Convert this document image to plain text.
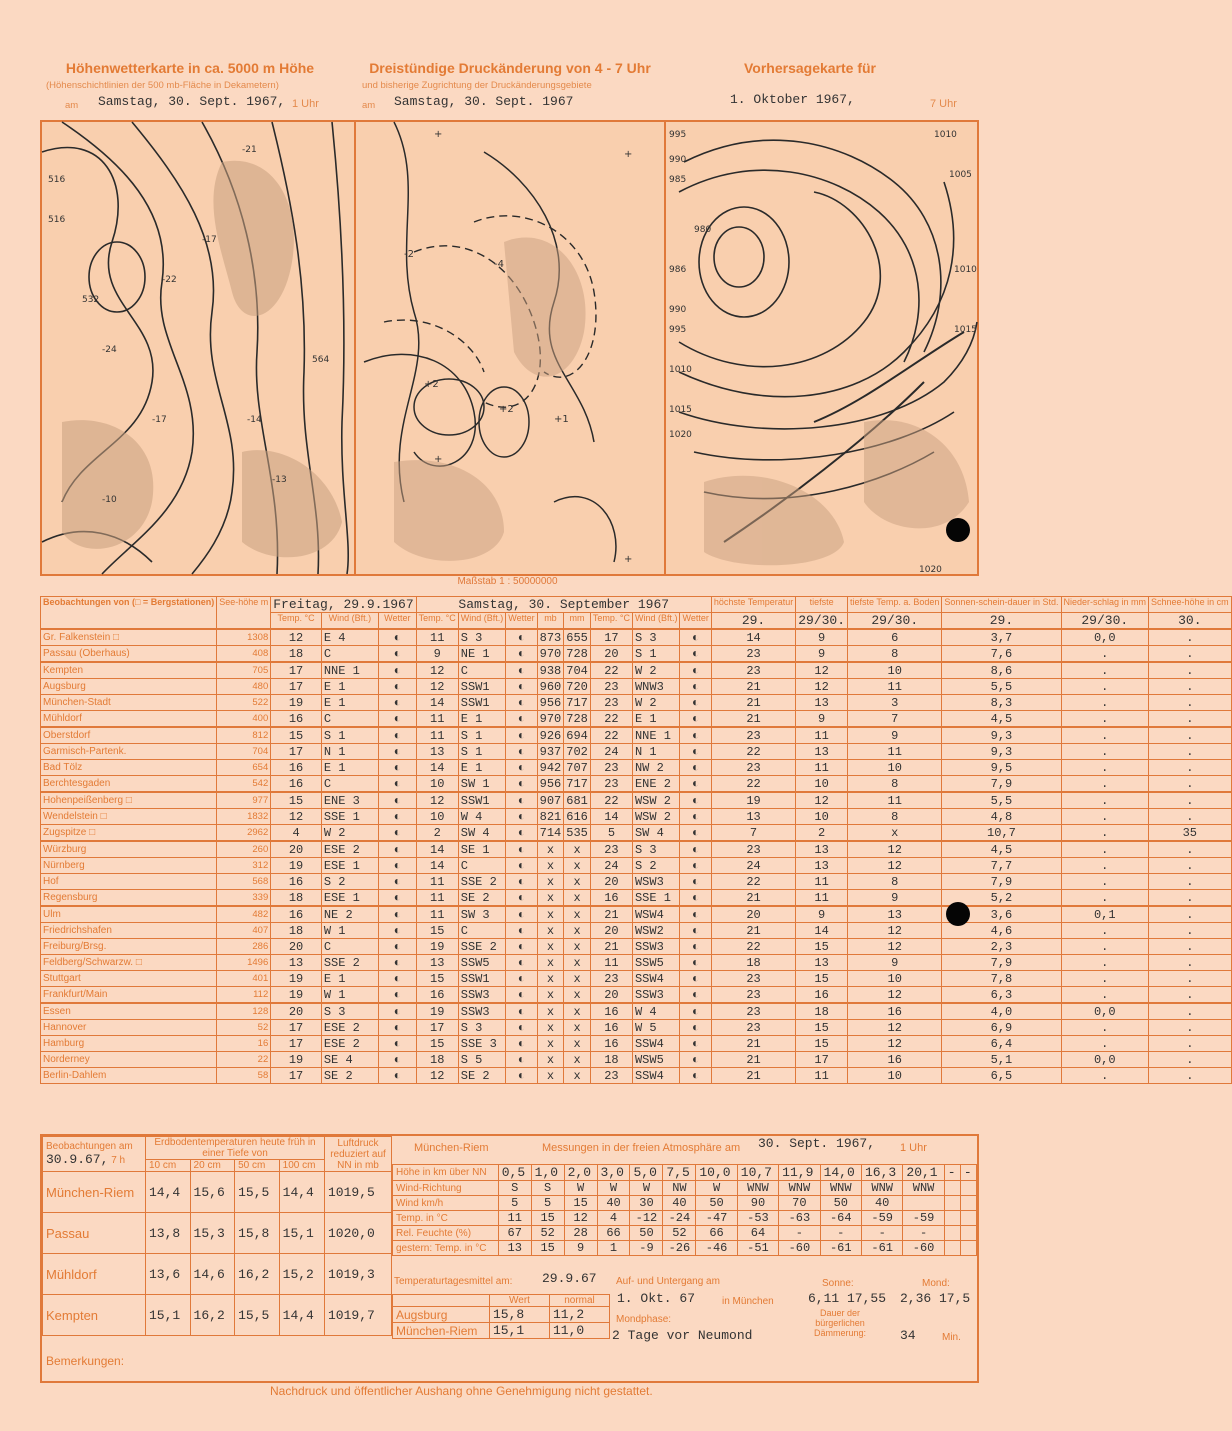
Höhenwetterkarte in ca. 5000 m Höhe
(Höhenschichtlinien der 500 mb-Fläche in Dekametern)
am Samstag, 30. Sept. 1967, 1 Uhr
Dreistündige Druckänderung von 4 - 7 Uhr
und bisherige Zugrichtung der Druckänderungsgebiete
am Samstag, 30. Sept. 1967
Vorhersagekarte für
1. Oktober 1967,	7 Uhr
516
516
532
-21
-17
-22
-24
-17	-14
-13
-10
564
+
+
-2
-4
+2
+2
+
+
+1
995
990
985
980
986
990
995
1010
1015
1020
1010
1005
1010
1015
1020
Maßstab 1 : 50000000
Beobachtungen von (□ = Bergstationen)	See-höhe m	Freitag, 29.9.1967			Samstag, 30. September 1967								höchste Temperatur	tiefste	tiefste Temp. a. Boden	Sonnen-schein-dauer in Std.	Nieder-schlag in mm	Schnee-höhe in cm
		Temp. °C	Wind (Bft.)	Wetter	Temp. °C	Wind (Bft.)	Wetter	mb	mm	Temp. °C	Wind (Bft.)	Wetter	29.	29/30.	29/30.	29.	29/30.	30.
Gr. Falkenstein □	1308	12	E 4	◐	11	S 3	◐	873	655	17	S 3	◐	14	9	6	3,7	0,0	.
Passau (Oberhaus)	408	18	C	◐	9	NE 1	◐	970	728	20	S 1	◐	23	9	8	7,6	.	.
Kempten	705	17	NNE 1	◐	12	C	◐	938	704	22	W 2	◐	23	12	10	8,6	.	.
Augsburg	480	17	E 1	◐	12	SSW1	◐	960	720	23	WNW3	◐	21	12	11	5,5	.	.
München-Stadt	522	19	E 1	◐	14	SSW1	◐	956	717	23	W 2	◐	21	13	3	8,3	.	.
Mühldorf	400	16	C	◐	11	E 1	◐	970	728	22	E 1	◐	21	9	7	4,5	.	.
Oberstdorf	812	15	S 1	◐	11	S 1	◐	926	694	22	NNE 1	◐	23	11	9	9,3	.	.
Garmisch-Partenk.	704	17	N 1	◐	13	S 1	◐	937	702	24	N 1	◐	22	13	11	9,3	.	.
Bad Tölz	654	16	E 1	◐	14	E 1	◐	942	707	23	NW 2	◐	23	11	10	9,5	.	.
Berchtesgaden	542	16	C	◐	10	SW 1	◐	956	717	23	ENE 2	◐	22	10	8	7,9	.	.
Hohenpeißenberg □	977	15	ENE 3	◐	12	SSW1	◐	907	681	22	WSW 2	◐	19	12	11	5,5	.	.
Wendelstein □	1832	12	SSE 1	◐	10	W 4	◐	821	616	14	WSW 2	◐	13	10	8	4,8	.	.
Zugspitze □	2962	4	W 2	◐	2	SW 4	◐	714	535	5	SW 4	◐	7	2	x	10,7	.	35
Würzburg	260	20	ESE 2	◐	14	SE 1	◐	x	x	23	S 3	◐	23	13	12	4,5	.	.
Nürnberg	312	19	ESE 1	◐	14	C	◐	x	x	24	S 2	◐	24	13	12	7,7	.	.
Hof	568	16	S 2	◐	11	SSE 2	◐	x	x	20	WSW3	◐	22	11	8	7,9	.	.
Regensburg	339	18	ESE 1	◐	11	SE 2	◐	x	x	16	SSE 1	◐	21	11	9	5,2	.	.
Ulm	482	16	NE 2	◐	11	SW 3	◐	x	x	21	WSW4	◐	20	9	13	3,6	0,1	.
Friedrichshafen	407	18	W 1	◐	15	C	◐	x	x	20	WSW2	◐	21	14	12	4,6	.	.
Freiburg/Brsg.	286	20	C	◐	19	SSE 2	◐	x	x	21	SSW3	◐	22	15	12	2,3	.	.
Feldberg/Schwarzw. □	1496	13	SSE 2	◐	13	SSW5	◐	x	x	11	SSW5	◐	18	13	9	7,9	.	.
Stuttgart	401	19	E 1	◐	15	SSW1	◐	x	x	23	SSW4	◐	23	15	10	7,8	.	.
Frankfurt/Main	112	19	W 1	◐	16	SSW3	◐	x	x	20	SSW3	◐	23	16	12	6,3	.	.
Essen	128	20	S 3	◐	19	SSW3	◐	x	x	16	W 4	◐	23	18	16	4,0	0,0	.
Hannover	52	17	ESE 2	◐	17	S 3	◐	x	x	16	W 5	◐	23	15	12	6,9	.	.
Hamburg	16	17	ESE 2	◐	15	SSE 3	◐	x	x	16	SSW4	◐	21	15	12	6,4	.	.
Norderney	22	19	SE 4	◐	18	S 5	◐	x	x	18	WSW5	◐	21	17	16	5,1	0,0	.
Berlin-Dahlem	58	17	SE 2	◐	12	SE 2	◐	x	x	23	SSW4	◐	21	11	10	6,5	.	.
Beobachtungen am
30.9.67, 7 h	Erdbodentemperaturen heute früh in einer Tiefe von				Luftdruck reduziert auf NN in mb
	10 cm	20 cm	50 cm	100 cm	
München-Riem	14,4	15,6	15,5	14,4	1019,5
Passau	13,8	15,3	15,8	15,1	1020,0
Mühldorf	13,6	14,6	16,2	15,2	1019,3
Kempten	15,1	16,2	15,5	14,4	1019,7
München-Riem	Messungen in der freien Atmosphäre am 30. Sept. 1967, 1 Uhr
Höhe in km über NN	0,5	1,0	2,0	3,0	5,0	7,5	10,0	10,7	11,9	14,0	16,3	20,1	-	-
Wind-Richtung	S	S	W	W	W	NW	W	WNW	WNW	WNW	WNW	WNW		
Wind km/h	5	5	15	40	30	40	50	90	70	50	40			
Temp. in °C	11	15	12	4	-12	-24	-47	-53	-63	-64	-59	-59		
Rel. Feuchte (%)	67	52	28	66	50	52	66	64	-	-	-	-		
gestern: Temp. in °C	13	15	9	1	-9	-26	-46	-51	-60	-61	-61	-60		
Temperaturtagesmittel am: 29.9.67
	Wert	normal
Augsburg	15,8	11,2
München-Riem	15,1	11,0
Auf- und Untergang am
1. Okt. 67	in München
Sonne:
6,11 17,55
Mond:
2,36 17,5
Mondphase:
2 Tage vor Neumond
Dauer der bürgerlichen Dämmerung:	34	Min.
Bemerkungen:
Nachdruck und öffentlicher Aushang ohne Genehmigung nicht gestattet.
